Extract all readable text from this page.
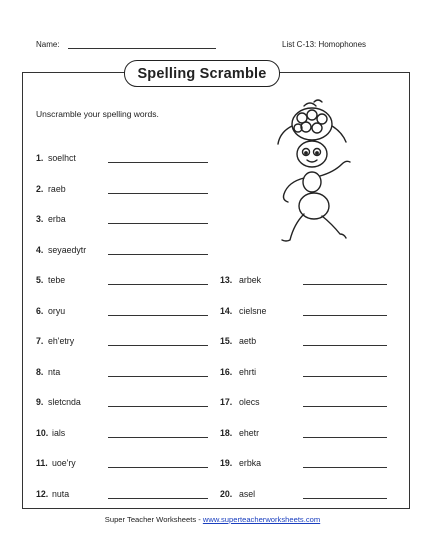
Name:	List C-13: Homophones
Spelling Scramble
Unscramble your spelling words.
1. soelhct
2. raeb
3. erba
4. seyaedytr
5. tebe
6. oryu
7. eh'etry
8. nta
9. sletcnda
10. ials
11. uoe'ry
12. nuta
13. arbek
14. cielsne
15. aetb
16. ehrti
17. olecs
18. ehetr
19. erbka
20. asel
Super Teacher Worksheets - www.superteacherworksheets.com
